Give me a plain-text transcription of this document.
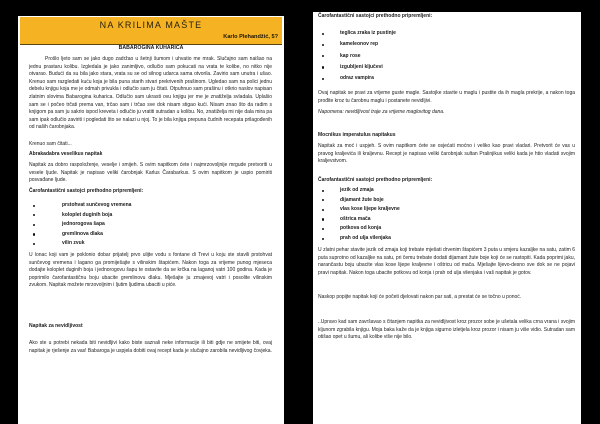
NA KRILIMA MAŠTE
Karlo Plehandžić, 5?
BABAROGINA KUHARICA

Prošlo ljeto sam se jako dugo zadržao u šetnji šumom i uhvatio me mrak. Slučajno sam naišao na jednu prastaru kolibu. Izgledala je jako zanimljivo, odlučio sam pokucati na vrata te kolibe, no nitko nije otvarao. Budući da su bila jako stara, vrata su se od silnog udarca sama otvorila. Zavirio sam unutra i ušao. Krenuo sam razgledati kuću koja je bila puna starih stvari prekrivenih prašinom. Ugledao sam na polici jednu debelu knjigu koja me je odmah privukla i odlučio sam ju čitati. Otpuhnuo sam prašinu i otkrio naslov napisan zlatnim slovima Babarogina kuharica. Odlučio sam ukrasti ovu knjigu jer me je znatiželja svladala. Uplašio sam se i počeo trčati prema van, trčao sam i trčao sve dok nisam stigao kući. Nisam znao što da radim s knjigom pa sam ju sakrio ispod kreveta i odlučio ju vratiti sutradan u kolibu. No, znatiželja mi nije dala mira pa sam ipak odlučio zaviriti i pogledati što se nalazi u njoj. To je bila knjiga prepuna čudnih recepata prilagođenih od naših čarobnjaka.

Krenuo sam čitati...

Abrakadabra veselikus napitak

Napitak za dobro raspoloženje, veselje i smijeh. S ovim napitkom ćete i najmrzovoljnije mrgude pretvoriti u vesele ljude. Napitak je napisao veliki čarobnjak Karlus Čarabarkus. S ovim napitkom je uspio pomiriti posvađane ljude.

Čarofantastični sastojci prethodno pripremljeni:

prstohvat sunčevog vremena
koloplet duginih boja
jednorogova šapa
gremlinova dlaka
vilin zvuk

U lonac koji vam je poklonio dobar prijatelj prvo ulijte vodu s fontane di Trevi u koju ste stavili prstohvat sunčevog vremena i lagano ga promiješajte s vilinskim štapićem. Nakon toga za vrijeme punog mjeseca dodajte koloplet duginih boja i jednorogovu šapu te ostavite da se krčka na laganoj vatri 100 godina. Kada je poprimilo čarofantastičnu boju ubacite gremlinovu dlaku. Mješajte ju zmajevoj vatri i posolite vilinskim zvukom. Napitak možete mrzovoljnim i ljutim ljudima ubaciti u piće.

Napitak za nevidljivost

Ako ste u potrebi nekada biti nevidljivi kako biste saznali neke informacije ili biti gdje ne smijete biti, ovaj napitak je rješenje za vas! Babaroga je uspjela dobiti ovaj recept kada je slučajno zarobila nevidljivog čovjeka.

Čarofantastični sastojci prethodno pripremljeni:

teglica zraka iz pustinje
kameleonov rep
kap rose
izgubljeni ključevi
odraz vampira

Ovaj napitak se pravi za vrijeme guste magle. Sastojke stavite u maglu i pustite da ih magla prekrije, a nakon toga prođite kroz tu čarobnu maglu i postanete nevidljivi.

Napomena: nevidljivost traje za vrijeme maglovitog dana.

Mocnikus imperatulus napitakus

Napitak za moć i uspjeh. S ovim napitkom ćete se osjećati moćno i veliko kao pravi vladari. Pretvorit će vas u pravog kraljevića ili kraljevnu. Recept je napisao veliki čarobnjak sultan Pralinjikus veliki kada je htio vladati svojim kraljevstvom.

Čarofantastični sastojci prethodno pripremljeni:

jezik od zmaja
dijamant žute boje
vlas kose lijepe kraljevne
oštrica mača
potkova od konja
prah od ulja vilenjaka

U zlatni pehar stavite jezik od zmaja koji trebate mješati drvenim štapićem 3 puta u smjeru kazaljke na satu, zatim 6 puta suprotno od kazaljke na satu, pri čemu trebate dodati dijamant žute boje koji će se rastopiti. Kada poprimi jaku, narančastu boju ubacite vlas kose lijepe kraljevne i oštricu od mača. Mješajte lijevo-desno sve dok se ne pojavi pravi napitak. Nakon toga ubacite potkovu od konja i prah od ulja vilenjaka i vaš napitak je gotov.

Naskop popijte napitak koji će početi djelovati nakon par sati, a prestat će se točno u ponoć.

..Upravo kad sam završavao s čitanjem napitka za nevidljivost kroz prozor sobe je ušetala velika crna vrana i svojim kljunom zgrabila knjigu. Moja baka kaže da je knjiga sigurno izletjela kroz prozor i nisam ju više vidio. Sutradan sam otišao opet u šumu, ali kolibe više nije bilo.
